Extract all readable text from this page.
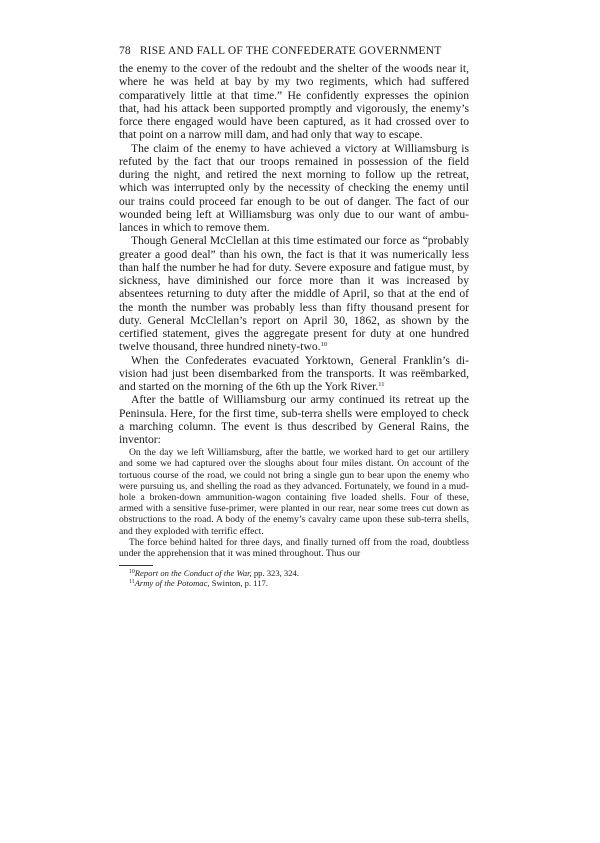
78 RISE AND FALL OF THE CONFEDERATE GOVERNMENT

the enemy to the cover of the redoubt and the shelter of the woods near it, where he was held at bay by my two regiments, which had suffered comparatively little at that time.” He confidently expresses the opinion that, had his attack been supported promptly and vigorously, the enemy’s force there engaged would have been captured, as it had crossed over to that point on a narrow mill dam, and had only that way to escape.

The claim of the enemy to have achieved a victory at Williamsburg is refuted by the fact that our troops remained in possession of the field during the night, and retired the next morning to follow up the retreat, which was interrupted only by the necessity of checking the enemy until our trains could proceed far enough to be out of danger. The fact of our wounded being left at Williamsburg was only due to our want of ambulances in which to remove them.

Though General McClellan at this time estimated our force as “probably greater a good deal” than his own, the fact is that it was numerically less than half the number he had for duty. Severe exposure and fatigue must, by sickness, have diminished our force more than it was increased by absentees returning to duty after the middle of April, so that at the end of the month the number was probably less than fifty thousand present for duty. General McClellan’s report on April 30, 1862, as shown by the certified statement, gives the aggregate present for duty at one hundred twelve thousand, three hundred ninety-two.$^{10}$

When the Confederates evacuated Yorktown, General Franklin’s division had just been disembarked from the transports. It was reëmbarked, and started on the morning of the 6th up the York River.$^{11}$

After the battle of Williamsburg our army continued its retreat up the Peninsula. Here, for the first time, sub-terra shells were employed to check a marching column. The event is thus described by General Rains, the inventor:

On the day we left Williamsburg, after the battle, we worked hard to get our artillery and some we had captured over the sloughs about four miles distant. On account of the tortuous course of the road, we could not bring a single gun to bear upon the enemy who were pursuing us, and shelling the road as they advanced. Fortunately, we found in a mud-hole a broken-down ammunition-wagon containing five loaded shells. Four of these, armed with a sensitive fuse-primer, were planted in our rear, near some trees cut down as obstructions to the road. A body of the enemy’s cavalry came upon these sub-terra shells, and they exploded with terrific effect.

The force behind halted for three days, and finally turned off from the road, doubtless under the apprehension that it was mined throughout. Thus our

$^{10}$Report on the Conduct of the War, pp. 323, 324.

$^{11}$Army of the Potomac, Swinton, p. 117.
